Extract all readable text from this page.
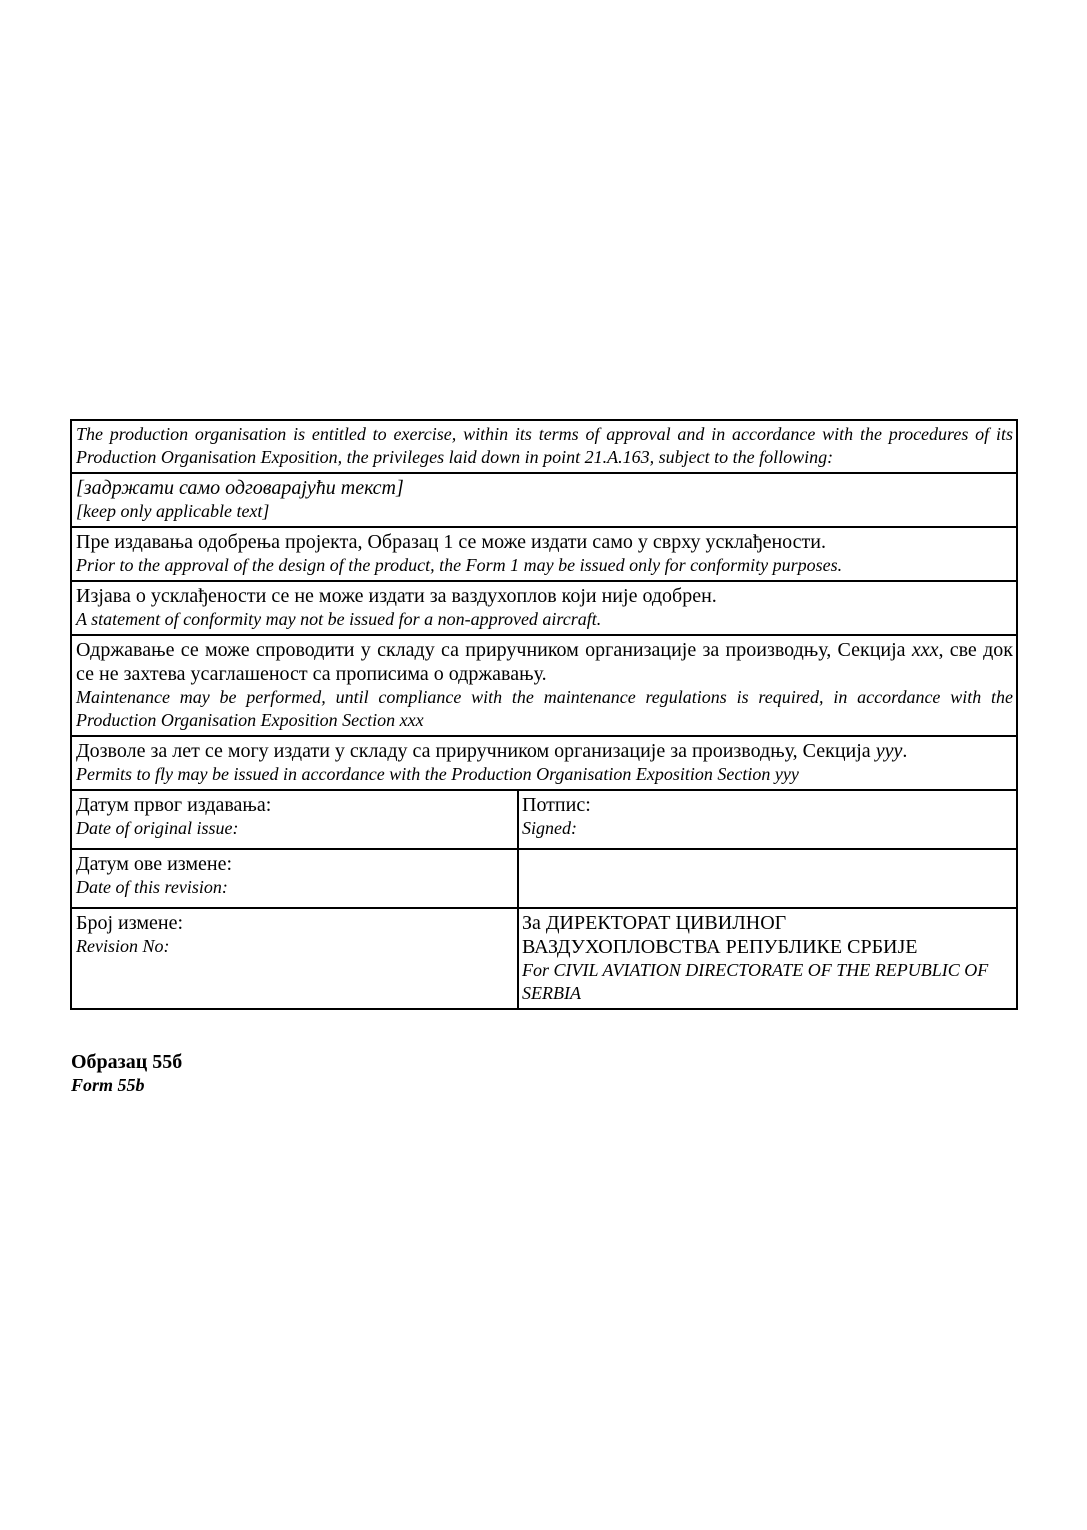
The production organisation is entitled to exercise, within its terms of approval and in accordance with the procedures of its Production Organisation Exposition, the privileges laid down in point 21.A.163, subject to the following:
[задржати само одговарајући текст]
[keep only applicable text]
Пре издавања одобрења пројекта, Образац 1 се може издати само у сврху усклађености.
Prior to the approval of the design of the product, the Form 1 may be issued only for conformity purposes.
Изјава о усклађености се не може издати за ваздухоплов који није одобрен.
A statement of conformity may not be issued for a non-approved aircraft.
Одржавање се може спроводити у складу са приручником организације за производњу, Секција xxx, све док се не захтева усаглашеност са прописима о одржавању.
Maintenance may be performed, until compliance with the maintenance regulations is required, in accordance with the Production Organisation Exposition Section xxx
Дозволе за лет се могу издати у складу са приручником организације за производњу, Секција yyy.
Permits to fly may be issued in accordance with the Production Organisation Exposition Section yyy
Датум првог издавања:
Date of original issue:
Потпис:
Signed:
Датум ове измене:
Date of this revision:
Број измене:
Revision No:
За ДИРЕКТОРАТ ЦИВИЛНОГ
ВАЗДУХОПЛОВСТВА РЕПУБЛИКЕ СРБИЈЕ
For CIVIL AVIATION DIRECTORATE OF THE REPUBLIC OF SERBIA
Образац 55б
Form 55b
